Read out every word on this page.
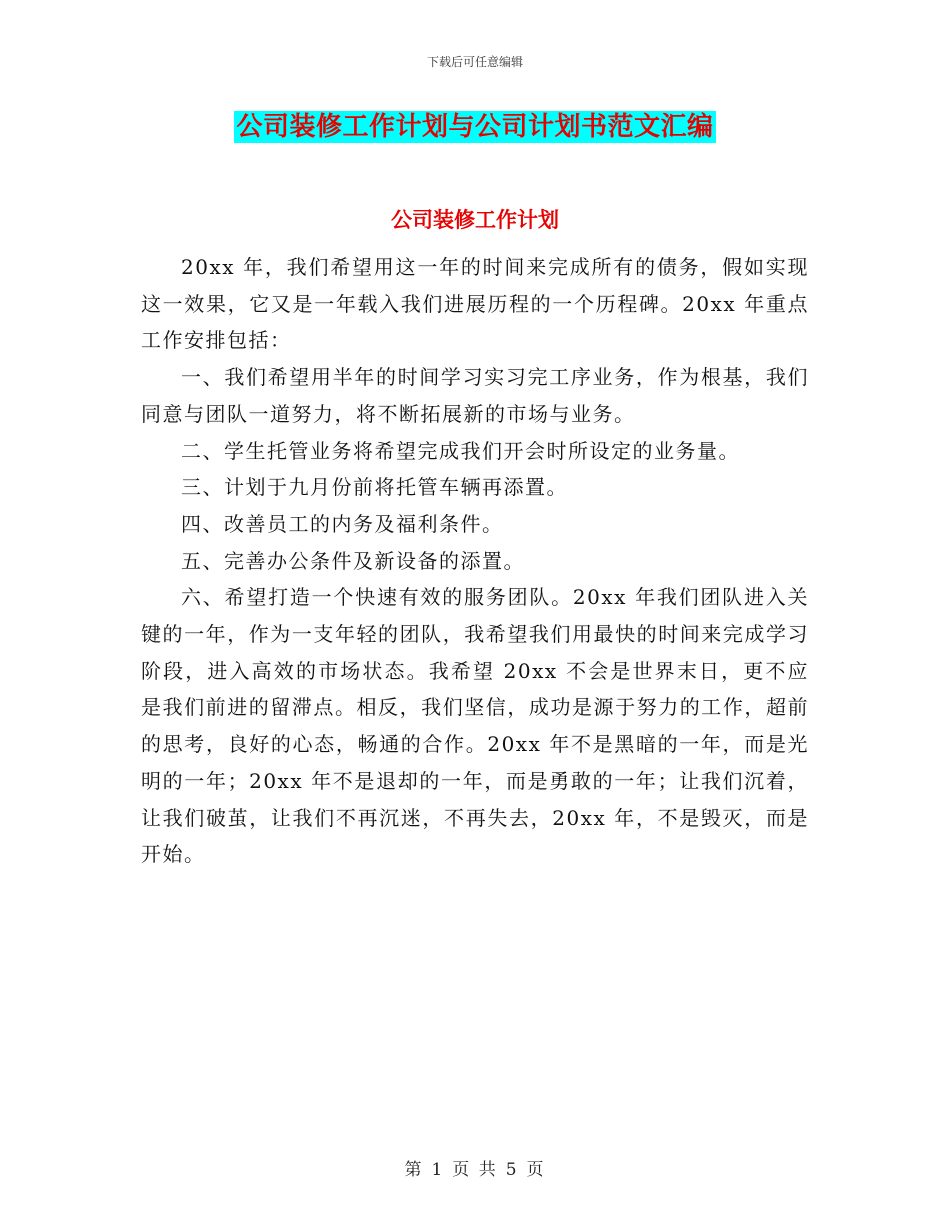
下载后可任意编辑
公司装修工作计划与公司计划书范文汇编
公司装修工作计划

20xx 年，我们希望用这一年的时间来完成所有的债务，假如实现这一效果，它又是一年载入我们进展历程的一个历程碑。20xx 年重点工作安排包括：

一、我们希望用半年的时间学习实习完工序业务，作为根基，我们同意与团队一道努力，将不断拓展新的市场与业务。

二、学生托管业务将希望完成我们开会时所设定的业务量。

三、计划于九月份前将托管车辆再添置。

四、改善员工的内务及福利条件。

五、完善办公条件及新设备的添置。

六、希望打造一个快速有效的服务团队。20xx 年我们团队进入关键的一年，作为一支年轻的团队，我希望我们用最快的时间来完成学习阶段，进入高效的市场状态。我希望 20xx 不会是世界末日，更不应是我们前进的留滞点。相反，我们坚信，成功是源于努力的工作，超前的思考，良好的心态，畅通的合作。20xx 年不是黑暗的一年，而是光明的一年；20xx 年不是退却的一年，而是勇敢的一年；让我们沉着，让我们破茧，让我们不再沉迷，不再失去，20xx 年，不是毁灭，而是开始。

第 1 页 共 5 页
